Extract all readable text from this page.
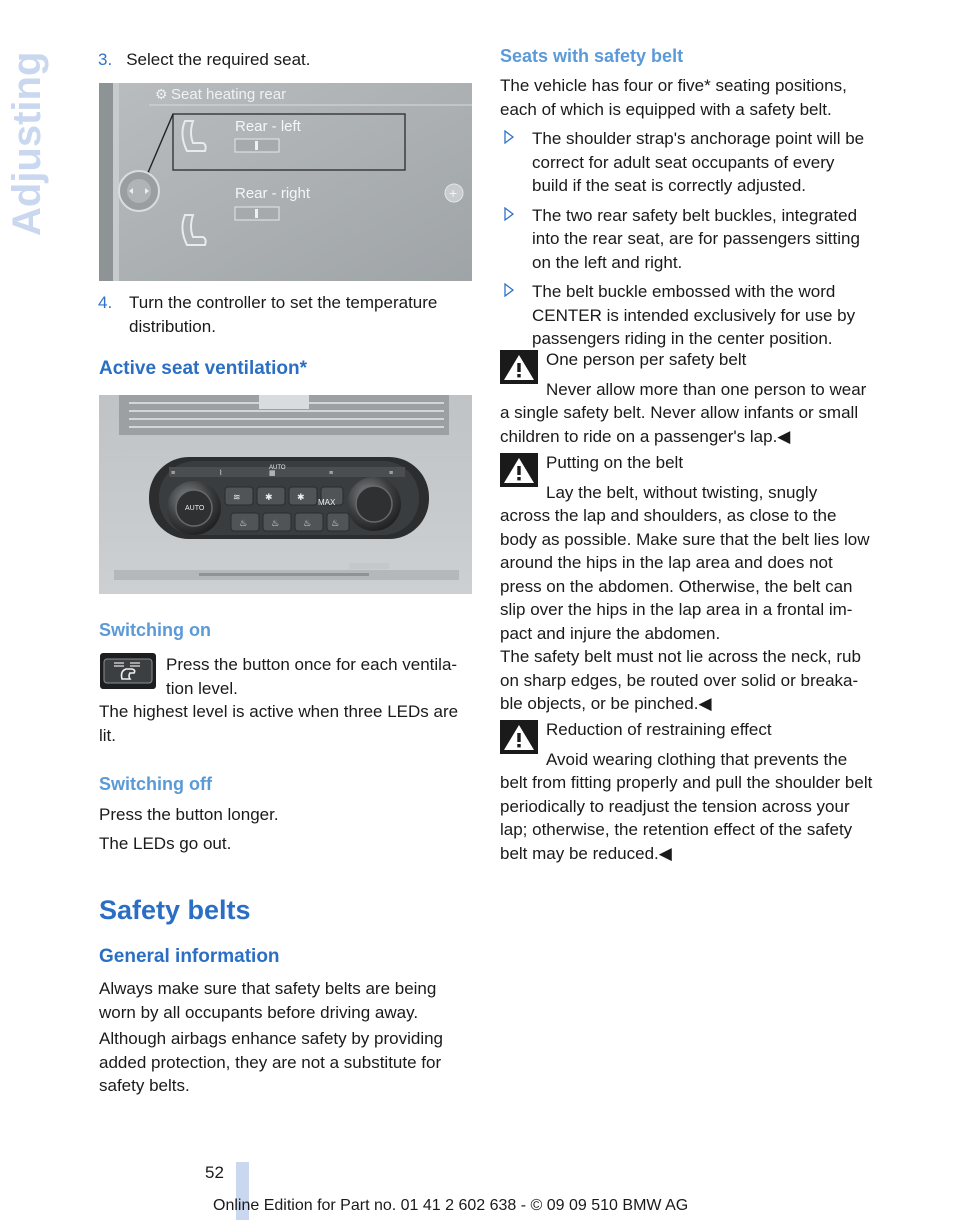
Adjusting	3. Select the required seat.

⚙
+
Seat heating rear
Rear - left
Rear - right
4. Turn the controller to set the temperature distribution.

Active seat ventilation*
≡	⌇	▦	≡	≡
≋	✱	✱
♨	♨	♨ ♨
AUTO
AUTO
MAX
Switching on

Press the button once for each ventila-

tion level.

The highest level is active when three LEDs are lit.

Switching off

Press the button longer.

The LEDs go out.

Safety belts
General information

Always make sure that safety belts are being worn by all occupants before driving away.

Although airbags enhance safety by providing added protection, they are not a substitute for safety belts.

Seats with safety belt

The vehicle has four or five* seating positions, each of which is equipped with a safety belt.

The shoulder strap's anchorage point will be correct for adult seat occupants of every build if the seat is correctly adjusted.

The two rear safety belt buckles, integrated into the rear seat, are for passengers sitting on the left and right.

The belt buckle embossed with the word CENTER is intended exclusively for use by passengers riding in the center position.

One person per safety belt

Never allow more than one person to wear

a single safety belt. Never allow infants or small children to ride on a passenger's lap.◀

Putting on the belt

Lay the belt, without twisting, snugly

across the lap and shoulders, as close to the body as possible. Make sure that the belt lies low around the hips in the lap area and does not press on the abdomen. Otherwise, the belt can slip over the hips in the lap area in a frontal im-pact and injure the abdomen.

The safety belt must not lie across the neck, rub on sharp edges, be routed over solid or breaka-ble objects, or be pinched.◀

Reduction of restraining effect

Avoid wearing clothing that prevents the

belt from fitting properly and pull the shoulder belt periodically to readjust the tension across your lap; otherwise, the retention effect of the safety belt may be reduced.◀

52
Online Edition for Part no. 01 41 2 602 638 - © 09 09 510 BMW AG
